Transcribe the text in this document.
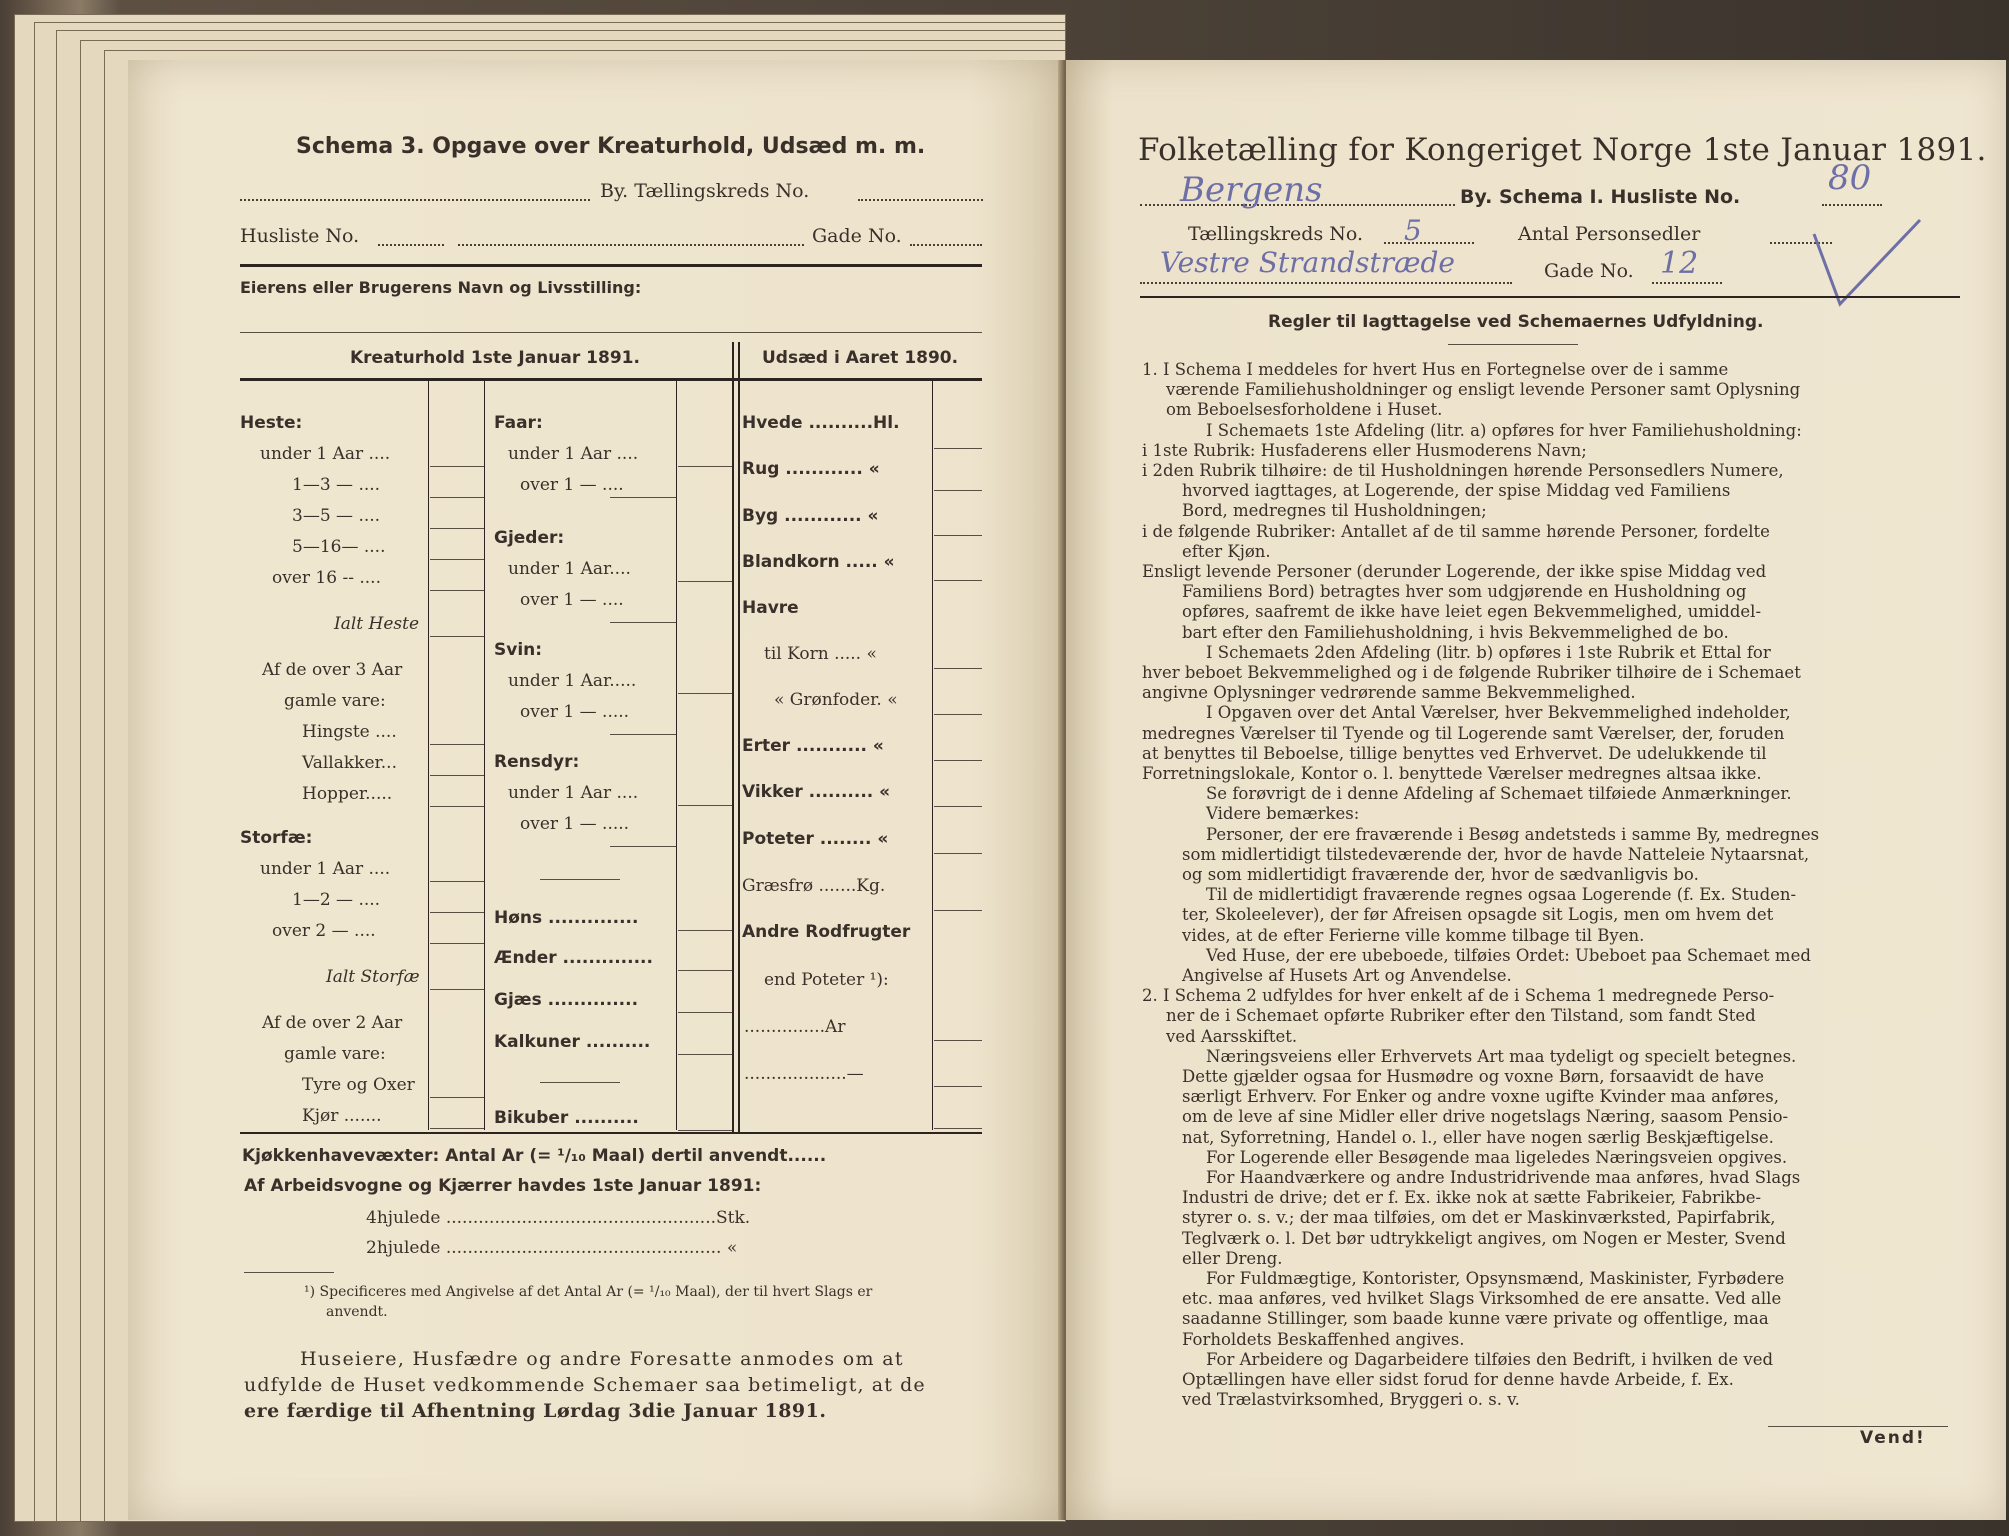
Schema 3. Opgave over Kreaturhold, Udsæd m. m.
By. Tællingskreds No.
Husliste No.	Gade No.
Eierens eller Brugerens Navn og Livsstilling:
Kreaturhold 1ste Januar 1891.	Udsæd i Aaret 1890.
Heste:
under 1 Aar ....
1—3 — ....
3—5 — ....
5—16— ....
over 16 -- ....
Ialt Heste
Af de over 3 Aar
gamle vare:
Hingste ....
Vallakker...
Hopper.....
Storfæ:
under 1 Aar ....
1—2 — ....
over 2 — ....
Ialt Storfæ
Af de over 2 Aar
gamle vare:
Tyre og Oxer
Kjør .......
Faar:
under 1 Aar ....
over 1 — ....
Gjeder:
under 1 Aar....
over 1 — ....
Svin:
under 1 Aar.....
over 1 — .....
Rensdyr:
under 1 Aar ....
over 1 — .....
Høns ..............
Ænder ..............
Gjæs ..............
Kalkuner ..........
Bikuber ..........
Hvede ..........Hl.
Rug ............ «
Byg ............ «
Blandkorn ..... «
Havre
til Korn ..... «
« Grønfoder. «
Erter ........... «
Vikker .......... «
Poteter ........ «
Græsfrø .......Kg.
Andre Rodfrugter
end Poteter ¹):
...............Ar
...................—
Kjøkkenhavevæxter: Antal Ar (= ¹/₁₀ Maal) dertil anvendt......
Af Arbeidsvogne og Kjærrer havdes 1ste Januar 1891:
4hjulede ..................................................Stk.
2hjulede ................................................... «
¹) Specificeres med Angivelse af det Antal Ar (= ¹/₁₀ Maal), der til hvert Slags er
anvendt.
Huseiere, Husfædre og andre Foresatte anmodes om at
udfylde de Huset vedkommende Schemaer saa betimeligt, at de
ere færdige til Afhentning Lørdag 3die Januar 1891.
Folketælling for Kongeriget Norge 1ste Januar 1891.
Bergens	By. Schema I. Husliste No.	80
Tællingskreds No. 5	Antal Personsedler
Vestre Strandstræde	Gade No. 12
Regler til Iagttagelse ved Schemaernes Udfyldning.
1. I Schema I meddeles for hvert Hus en Fortegnelse over de i samme
værende Familiehusholdninger og ensligt levende Personer samt Oplysning
om Beboelsesforholdene i Huset.
I Schemaets 1ste Afdeling (litr. a) opføres for hver Familiehusholdning:
i 1ste Rubrik: Husfaderens eller Husmoderens Navn;
i 2den Rubrik tilhøire: de til Husholdningen hørende Personsedlers Numere,
hvorved iagttages, at Logerende, der spise Middag ved Familiens
Bord, medregnes til Husholdningen;
i de følgende Rubriker: Antallet af de til samme hørende Personer, fordelte
efter Kjøn.
Ensligt levende Personer (derunder Logerende, der ikke spise Middag ved
Familiens Bord) betragtes hver som udgjørende en Husholdning og
opføres, saafremt de ikke have leiet egen Bekvemmelighed, umiddel-
bart efter den Familiehusholdning, i hvis Bekvemmelighed de bo.
I Schemaets 2den Afdeling (litr. b) opføres i 1ste Rubrik et Ettal for
hver beboet Bekvemmelighed og i de følgende Rubriker tilhøire de i Schemaet
angivne Oplysninger vedrørende samme Bekvemmelighed.
I Opgaven over det Antal Værelser, hver Bekvemmelighed indeholder,
medregnes Værelser til Tyende og til Logerende samt Værelser, der, foruden
at benyttes til Beboelse, tillige benyttes ved Erhvervet. De udelukkende til
Forretningslokale, Kontor o. l. benyttede Værelser medregnes altsaa ikke.
Se forøvrigt de i denne Afdeling af Schemaet tilføiede Anmærkninger.
Videre bemærkes:
Personer, der ere fraværende i Besøg andetsteds i samme By, medregnes
som midlertidigt tilstedeværende der, hvor de havde Natteleie Nytaarsnat,
og som midlertidigt fraværende der, hvor de sædvanligvis bo.
Til de midlertidigt fraværende regnes ogsaa Logerende (f. Ex. Studen-
ter, Skoleelever), der før Afreisen opsagde sit Logis, men om hvem det
vides, at de efter Ferierne ville komme tilbage til Byen.
Ved Huse, der ere ubeboede, tilføies Ordet: Ubeboet paa Schemaet med
Angivelse af Husets Art og Anvendelse.
2. I Schema 2 udfyldes for hver enkelt af de i Schema 1 medregnede Perso-
ner de i Schemaet opførte Rubriker efter den Tilstand, som fandt Sted
ved Aarsskiftet.
Næringsveiens eller Erhvervets Art maa tydeligt og specielt betegnes.
Dette gjælder ogsaa for Husmødre og voxne Børn, forsaavidt de have
særligt Erhverv. For Enker og andre voxne ugifte Kvinder maa anføres,
om de leve af sine Midler eller drive nogetslags Næring, saasom Pensio-
nat, Syforretning, Handel o. l., eller have nogen særlig Beskjæftigelse.
For Logerende eller Besøgende maa ligeledes Næringsveien opgives.
For Haandværkere og andre Industridrivende maa anføres, hvad Slags
Industri de drive; det er f. Ex. ikke nok at sætte Fabrikeier, Fabrikbe-
styrer o. s. v.; der maa tilføies, om det er Maskinværksted, Papirfabrik,
Teglværk o. l. Det bør udtrykkeligt angives, om Nogen er Mester, Svend
eller Dreng.
For Fuldmægtige, Kontorister, Opsynsmænd, Maskinister, Fyrbødere
etc. maa anføres, ved hvilket Slags Virksomhed de ere ansatte. Ved alle
saadanne Stillinger, som baade kunne være private og offentlige, maa
Forholdets Beskaffenhed angives.
For Arbeidere og Dagarbeidere tilføies den Bedrift, i hvilken de ved
Optællingen have eller sidst forud for denne havde Arbeide, f. Ex.
ved Trælastvirksomhed, Bryggeri o. s. v.
Vend!
